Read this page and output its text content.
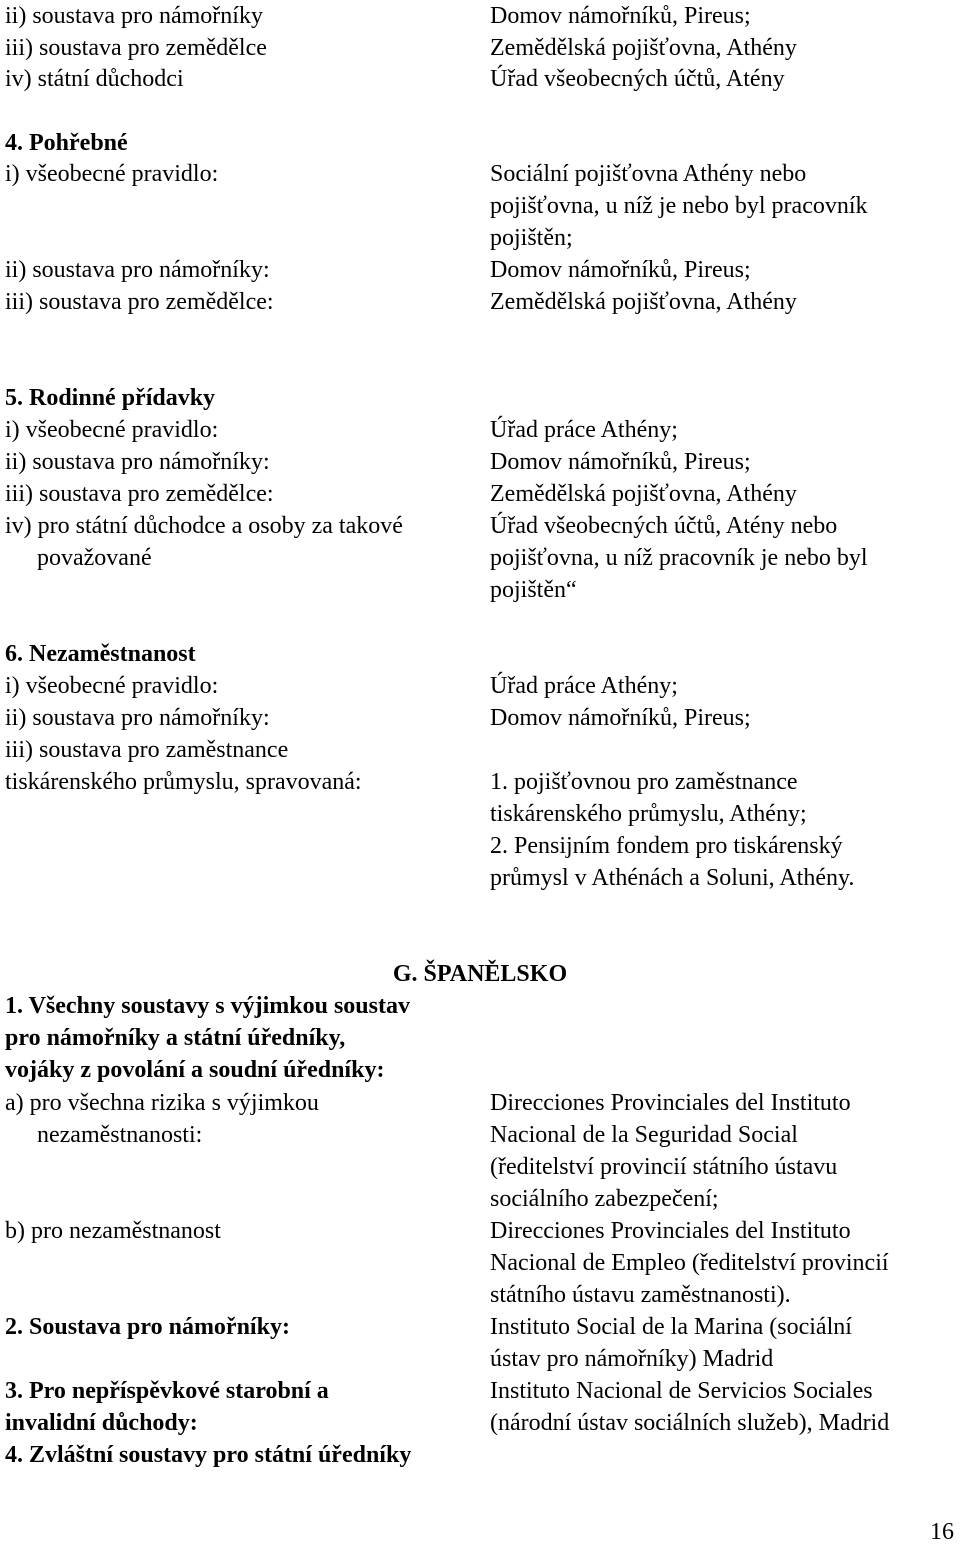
ii) soustava pro námořníky	Domov námořníků, Pireus;
iii) soustava pro zemědělce	Zemědělská pojišťovna, Athény
iv) státní důchodci	Úřad všeobecných účtů, Atény
4. Pohřebné
i) všeobecné pravidlo:	Sociální pojišťovna Athény nebo
pojišťovna, u níž je nebo byl pracovník
pojištěn;
ii) soustava pro námořníky:	Domov námořníků, Pireus;
iii) soustava pro zemědělce:	Zemědělská pojišťovna, Athény
5. Rodinné přídavky
i) všeobecné pravidlo:	Úřad práce Athény;
ii) soustava pro námořníky:	Domov námořníků, Pireus;
iii) soustava pro zemědělce:	Zemědělská pojišťovna, Athény
iv) pro státní důchodce a osoby za takové	Úřad všeobecných účtů, Atény nebo
považované	pojišťovna, u níž pracovník je nebo byl
pojištěn“
6. Nezaměstnanost
i) všeobecné pravidlo:	Úřad práce Athény;
ii) soustava pro námořníky:	Domov námořníků, Pireus;
iii) soustava pro zaměstnance
tiskárenského průmyslu, spravovaná:	1. pojišťovnou pro zaměstnance
tiskárenského průmyslu, Athény;
2. Pensijním fondem pro tiskárenský
průmysl v Athénách a Soluni, Athény.
G. ŠPANĚLSKO
1. Všechny soustavy s výjimkou soustav
pro námořníky a státní úředníky,
vojáky z povolání a soudní úředníky:
a) pro všechna rizika s výjimkou	Direcciones Provinciales del Instituto
nezaměstnanosti:	Nacional de la Seguridad Social
(ředitelství provincií státního ústavu
sociálního zabezpečení;
b) pro nezaměstnanost	Direcciones Provinciales del Instituto
Nacional de Empleo (ředitelství provincií
státního ústavu zaměstnanosti).
2. Soustava pro námořníky:	Instituto Social de la Marina (sociální
ústav pro námořníky) Madrid
3. Pro nepříspěvkové starobní a	Instituto Nacional de Servicios Sociales
invalidní důchody:	(národní ústav sociálních služeb), Madrid
4. Zvláštní soustavy pro státní úředníky
16
